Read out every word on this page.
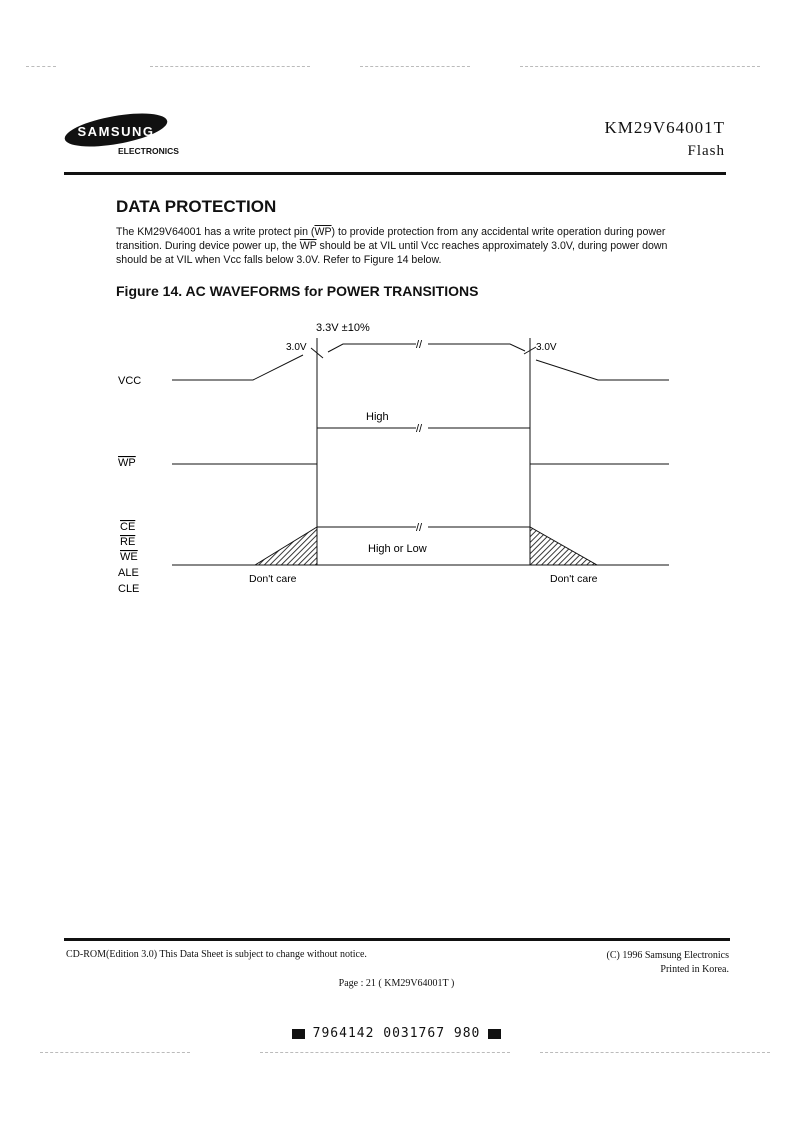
SAMSUNG
ELECTRONICS
KM29V64001T
Flash
DATA PROTECTION

The KM29V64001 has a write protect pin $(\overline{WP})$ to provide protection from any accidental write operation during power transition. During device power up, the $\overline{WP}$ should be at VIL until Vcc reaches approximately 3.0V, during power down should be at VIL when Vcc falls below 3.0V. Refer to Figure 14 below.

Figure 14. AC WAVEFORMS for POWER TRANSITIONS
3.3V ±10%
3.0V	3.0V
VCC
//
WP
High
//
CE
RE
WE
ALE
CLE
//
High or Low
Don't care	Don't care
CD-ROM(Edition 3.0) This Data Sheet is subject to change without notice.	(C) 1996 Samsung Electronics
Printed in Korea.
Page : 21 ( KM29V64001T )
7964142 0031767 980
